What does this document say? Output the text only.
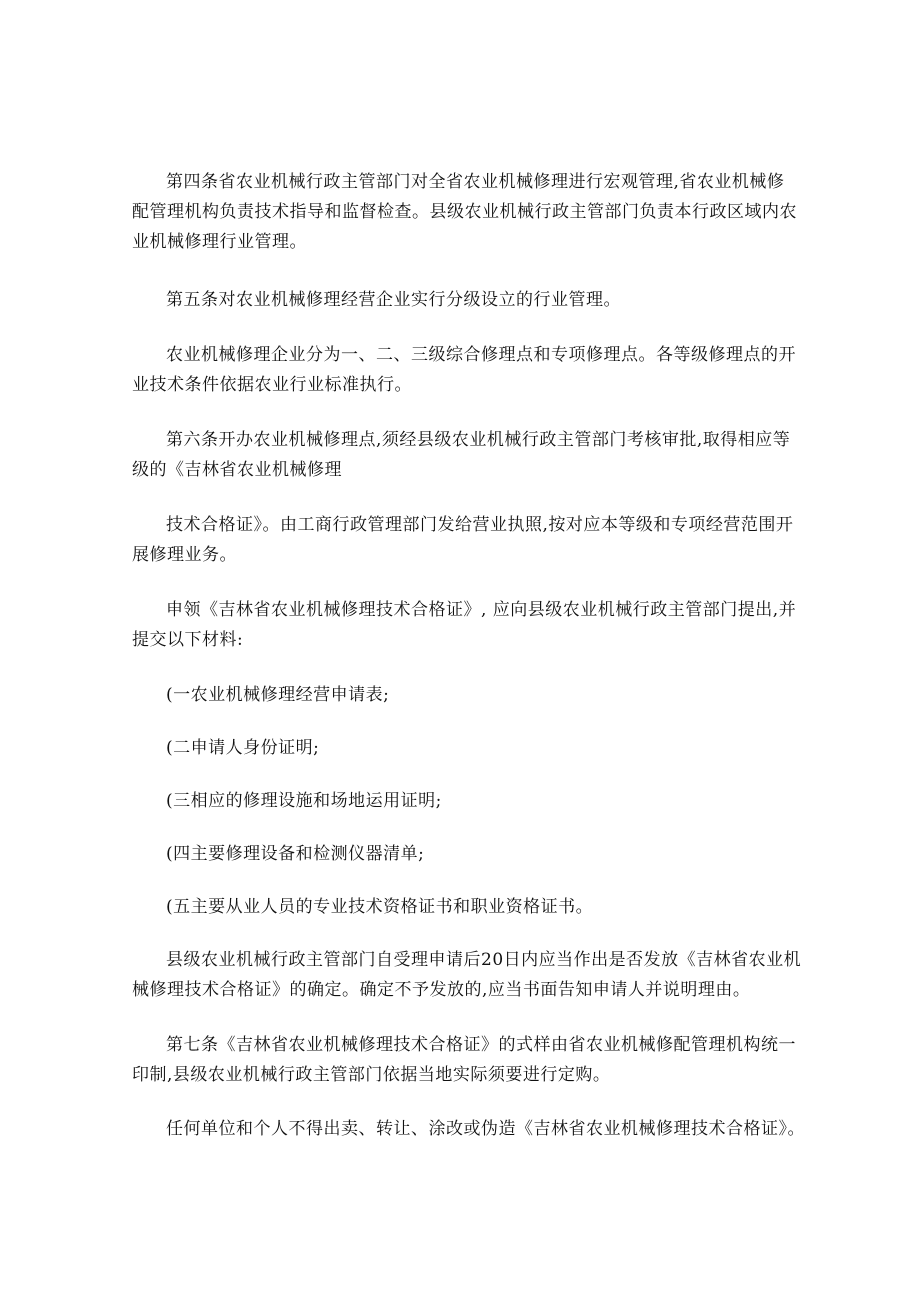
第四条省农业机械行政主管部门对全省农业机械修理进行宏观管理,省农业机械修
配管理机构负责技术指导和监督检查。县级农业机械行政主管部门负责本行政区域内农
业机械修理行业管理。

第五条对农业机械修理经营企业实行分级设立的行业管理。

农业机械修理企业分为一、二、三级综合修理点和专项修理点。各等级修理点的开
业技术条件依据农业行业标准执行。

第六条开办农业机械修理点,须经县级农业机械行政主管部门考核审批,取得相应等
级的《吉林省农业机械修理

技术合格证》。由工商行政管理部门发给营业执照,按对应本等级和专项经营范围开
展修理业务。

申领《吉林省农业机械修理技术合格证》, 应向县级农业机械行政主管部门提出,并
提交以下材料:

(一农业机械修理经营申请表;

(二申请人身份证明;

(三相应的修理设施和场地运用证明;

(四主要修理设备和检测仪器清单;

(五主要从业人员的专业技术资格证书和职业资格证书。

县级农业机械行政主管部门自受理申请后20日内应当作出是否发放《吉林省农业机
械修理技术合格证》的确定。确定不予发放的,应当书面告知申请人并说明理由。

第七条《吉林省农业机械修理技术合格证》的式样由省农业机械修配管理机构统一
印制,县级农业机械行政主管部门依据当地实际须要进行定购。

任何单位和个人不得出卖、转让、涂改或伪造《吉林省农业机械修理技术合格证》。
